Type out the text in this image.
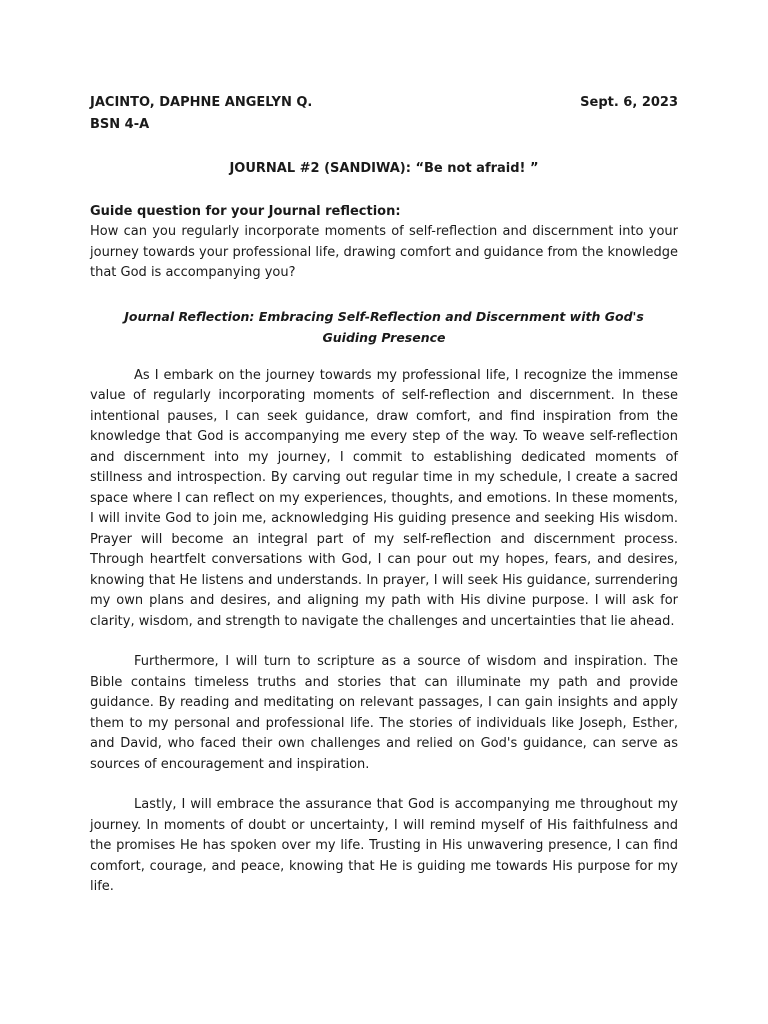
JACINTO, DAPHNE ANGELYN Q.	Sept. 6, 2023
BSN 4-A
JOURNAL #2 (SANDIWA): “Be not afraid! ”
Guide question for your Journal reflection:

How can you regularly incorporate moments of self-reflection and discernment into your journey towards your professional life, drawing comfort and guidance from the knowledge that God is accompanying you?

Journal Reflection: Embracing Self-Reflection and Discernment with God's Guiding Presence

As I embark on the journey towards my professional life, I recognize the immense value of regularly incorporating moments of self-reflection and discernment. In these intentional pauses, I can seek guidance, draw comfort, and find inspiration from the knowledge that God is accompanying me every step of the way. To weave self-reflection and discernment into my journey, I commit to establishing dedicated moments of stillness and introspection. By carving out regular time in my schedule, I create a sacred space where I can reflect on my experiences, thoughts, and emotions. In these moments, I will invite God to join me, acknowledging His guiding presence and seeking His wisdom. Prayer will become an integral part of my self-reflection and discernment process. Through heartfelt conversations with God, I can pour out my hopes, fears, and desires, knowing that He listens and understands. In prayer, I will seek His guidance, surrendering my own plans and desires, and aligning my path with His divine purpose. I will ask for clarity, wisdom, and strength to navigate the challenges and uncertainties that lie ahead.

Furthermore, I will turn to scripture as a source of wisdom and inspiration. The Bible contains timeless truths and stories that can illuminate my path and provide guidance. By reading and meditating on relevant passages, I can gain insights and apply them to my personal and professional life. The stories of individuals like Joseph, Esther, and David, who faced their own challenges and relied on God's guidance, can serve as sources of encouragement and inspiration.

Lastly, I will embrace the assurance that God is accompanying me throughout my journey. In moments of doubt or uncertainty, I will remind myself of His faithfulness and the promises He has spoken over my life. Trusting in His unwavering presence, I can find comfort, courage, and peace, knowing that He is guiding me towards His purpose for my life.
